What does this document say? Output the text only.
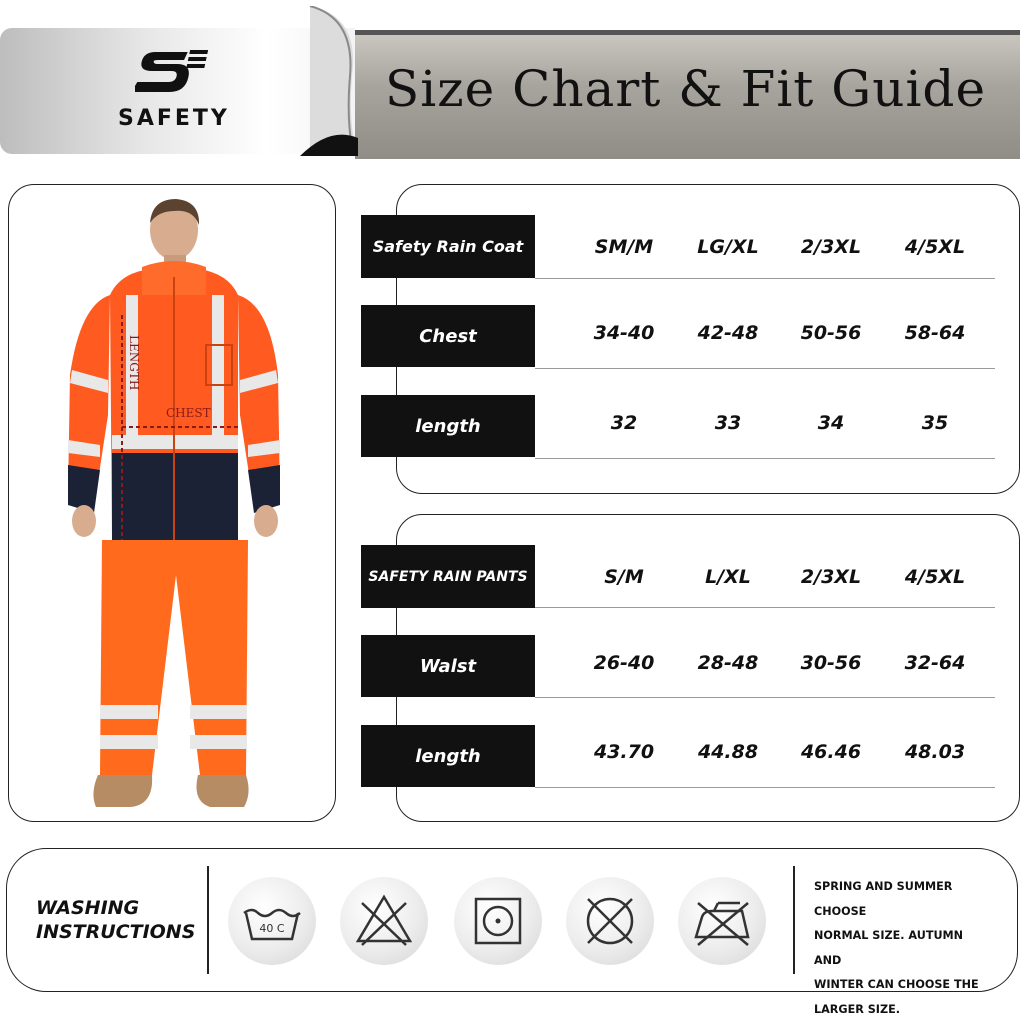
Size Chart & Fit Guide
SAFETY
LENGTH
CHEST
Safety Rain Coat	SM/M	LG/XL	2/3XL	4/5XL
Chest	34-40	42-48	50-56	58-64
length	32	33	34	35
SAFETY RAIN PANTS	S/M	L/XL	2/3XL	4/5XL
Walst	26-40	28-48	30-56	32-64
length	43.70	44.88	46.46	48.03
WASHING
INSTRUCTIONS	40 C
SPRING AND SUMMER CHOOSE
NORMAL SIZE. AUTUMN AND
WINTER CAN CHOOSE THE
LARGER SIZE.
